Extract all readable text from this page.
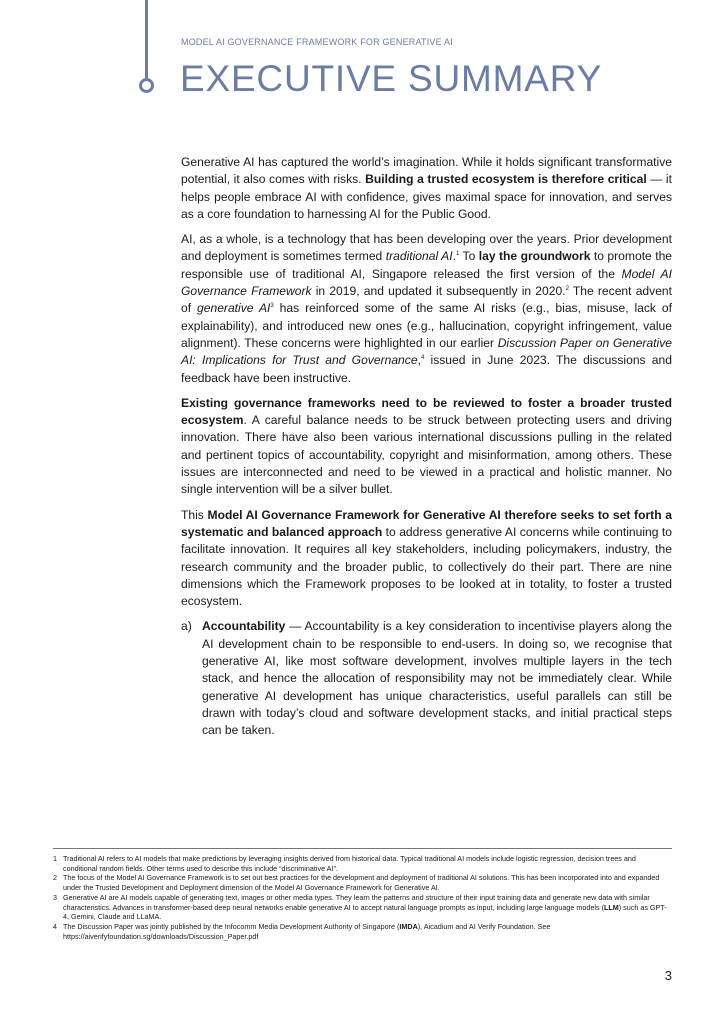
MODEL AI GOVERNANCE FRAMEWORK FOR GENERATIVE AI
EXECUTIVE SUMMARY

Generative AI has captured the world’s imagination. While it holds significant transformative potential, it also comes with risks. Building a trusted ecosystem is therefore critical — it helps people embrace AI with confidence, gives maximal space for innovation, and serves as a core foundation to harnessing AI for the Public Good.

AI, as a whole, is a technology that has been developing over the years. Prior development and deployment is sometimes termed traditional AI.$^1$ To lay the groundwork to promote the responsible use of traditional AI, Singapore released the first version of the Model AI Governance Framework in 2019, and updated it subsequently in 2020.$^2$ The recent advent of generative $AI^3$ has reinforced some of the same AI risks (e.g., bias, misuse, lack of explainability), and introduced new ones (e.g., hallucination, copyright infringement, value alignment). These concerns were highlighted in our earlier Discussion Paper on Generative AI: Implications for Trust and Governance,$^4$ issued in June 2023. The discussions and feedback have been instructive.

Existing governance frameworks need to be reviewed to foster a broader trusted ecosystem. A careful balance needs to be struck between protecting users and driving innovation. There have also been various international discussions pulling in the related and pertinent topics of accountability, copyright and misinformation, among others. These issues are interconnected and need to be viewed in a practical and holistic manner. No single intervention will be a silver bullet.

This Model AI Governance Framework for Generative AI therefore seeks to set forth a systematic and balanced approach to address generative AI concerns while continuing to facilitate innovation. It requires all key stakeholders, including policymakers, industry, the research community and the broader public, to collectively do their part. There are nine dimensions which the Framework proposes to be looked at in totality, to foster a trusted ecosystem.

a) Accountability — Accountability is a key consideration to incentivise players along the AI development chain to be responsible to end-users. In doing so, we recognise that generative AI, like most software development, involves multiple layers in the tech stack, and hence the allocation of responsibility may not be immediately clear. While generative AI development has unique characteristics, useful parallels can still be drawn with today’s cloud and software development stacks, and initial practical steps can be taken.
1 Traditional AI refers to AI models that make predictions by leveraging insights derived from historical data. Typical traditional AI models include logistic regression, decision trees and conditional random fields. Other terms used to describe this include “discriminative AI”.
2 The focus of the Model AI Governance Framework is to set out best practices for the development and deployment of traditional AI solutions. This has been incorporated into and expanded under the Trusted Development and Deployment dimension of the Model AI Governance Framework for Generative AI.
3 Generative AI are AI models capable of generating text, images or other media types. They learn the patterns and structure of their input training data and generate new data with similar characteristics. Advances in transformer-based deep neural networks enable generative AI to accept natural language prompts as input, including large language models (LLM) such as GPT-4, Gemini, Claude and LLaMA.
4 The Discussion Paper was jointly published by the Infocomm Media Development Authority of Singapore (IMDA), Aicadium and AI Verify Foundation. See https://aiverifyfoundation.sg/downloads/Discussion_Paper.pdf
3
